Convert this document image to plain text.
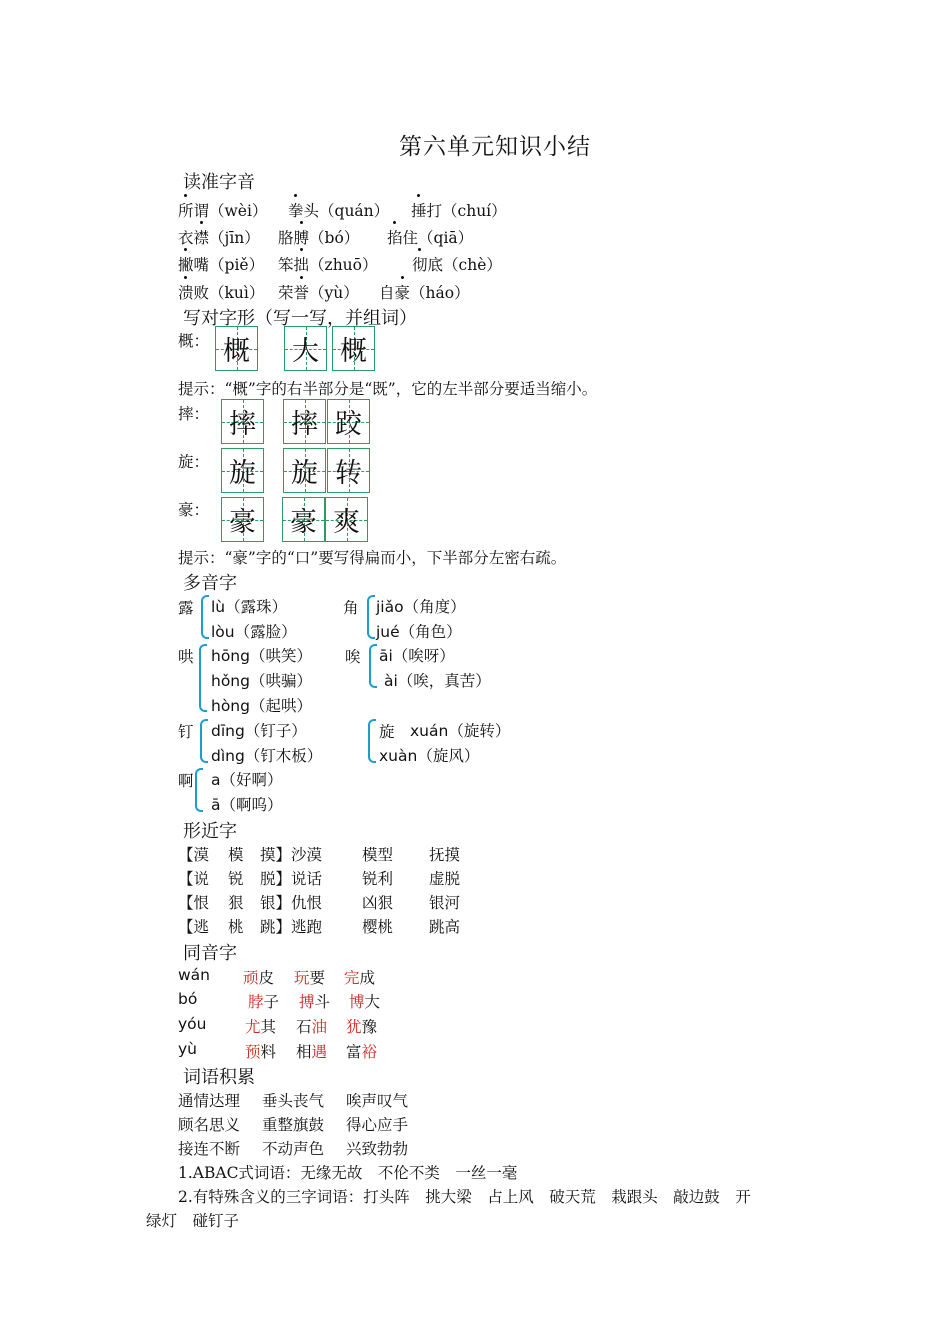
第六单元知识小结
读准字音
所谓（wèi） 拳头（quán） 捶打（chuí）
衣襟（jīn） 胳膊（bó） 掐住（qiā）
撇嘴（piě） 笨拙（zhuō） 彻底（chè）
溃败（kuì） 荣誉（yù） 自豪（háo）
写对字形（写一写，并组词）
概： 概 大 概
提示：“概”字的右半部分是“既”，它的左半部分要适当缩小。
摔： 摔 摔 跤
旋： 旋 旋 转
豪： 豪 豪 爽
提示：“豪”字的“口”要写得扁而小，下半部分左密右疏。
多音字
露 lù（露珠）
lòu（露脸）
角 jiǎo（角度）
jué（角色）
哄 hōng（哄笑）
hǒng（哄骗）
hòng（起哄）
唉 āi（唉呀）
ài（唉，真苦）
钉 dīng（钉子）
dìng（钉木板）
旋 xuán（旋转）
xuàn（旋风）
啊 a（好啊）
ā（啊呜）
形近字
【漠 模 摸】沙漠	模型 抚摸
【说 锐 脱】说话	锐利 虚脱
【恨 狠 银】仇恨	凶狠 银河
【逃 桃 跳】逃跑	樱桃 跳高
同音字
wán 顽皮 玩要 完成
bó	脖子 搏斗 博大
yóu 尤其 石油 犹豫
yù	预料 相遇 富裕
词语积累
通情达理 垂头丧气 唉声叹气
顾名思义 重整旗鼓 得心应手
接连不断 不动声色 兴致勃勃
1.ABAC式词语：无缘无故　不伦不类　一丝一毫
2.有特殊含义的三字词语：打头阵　挑大梁　占上风　破天荒　栽跟头　敲边鼓　开
绿灯　碰钉子
